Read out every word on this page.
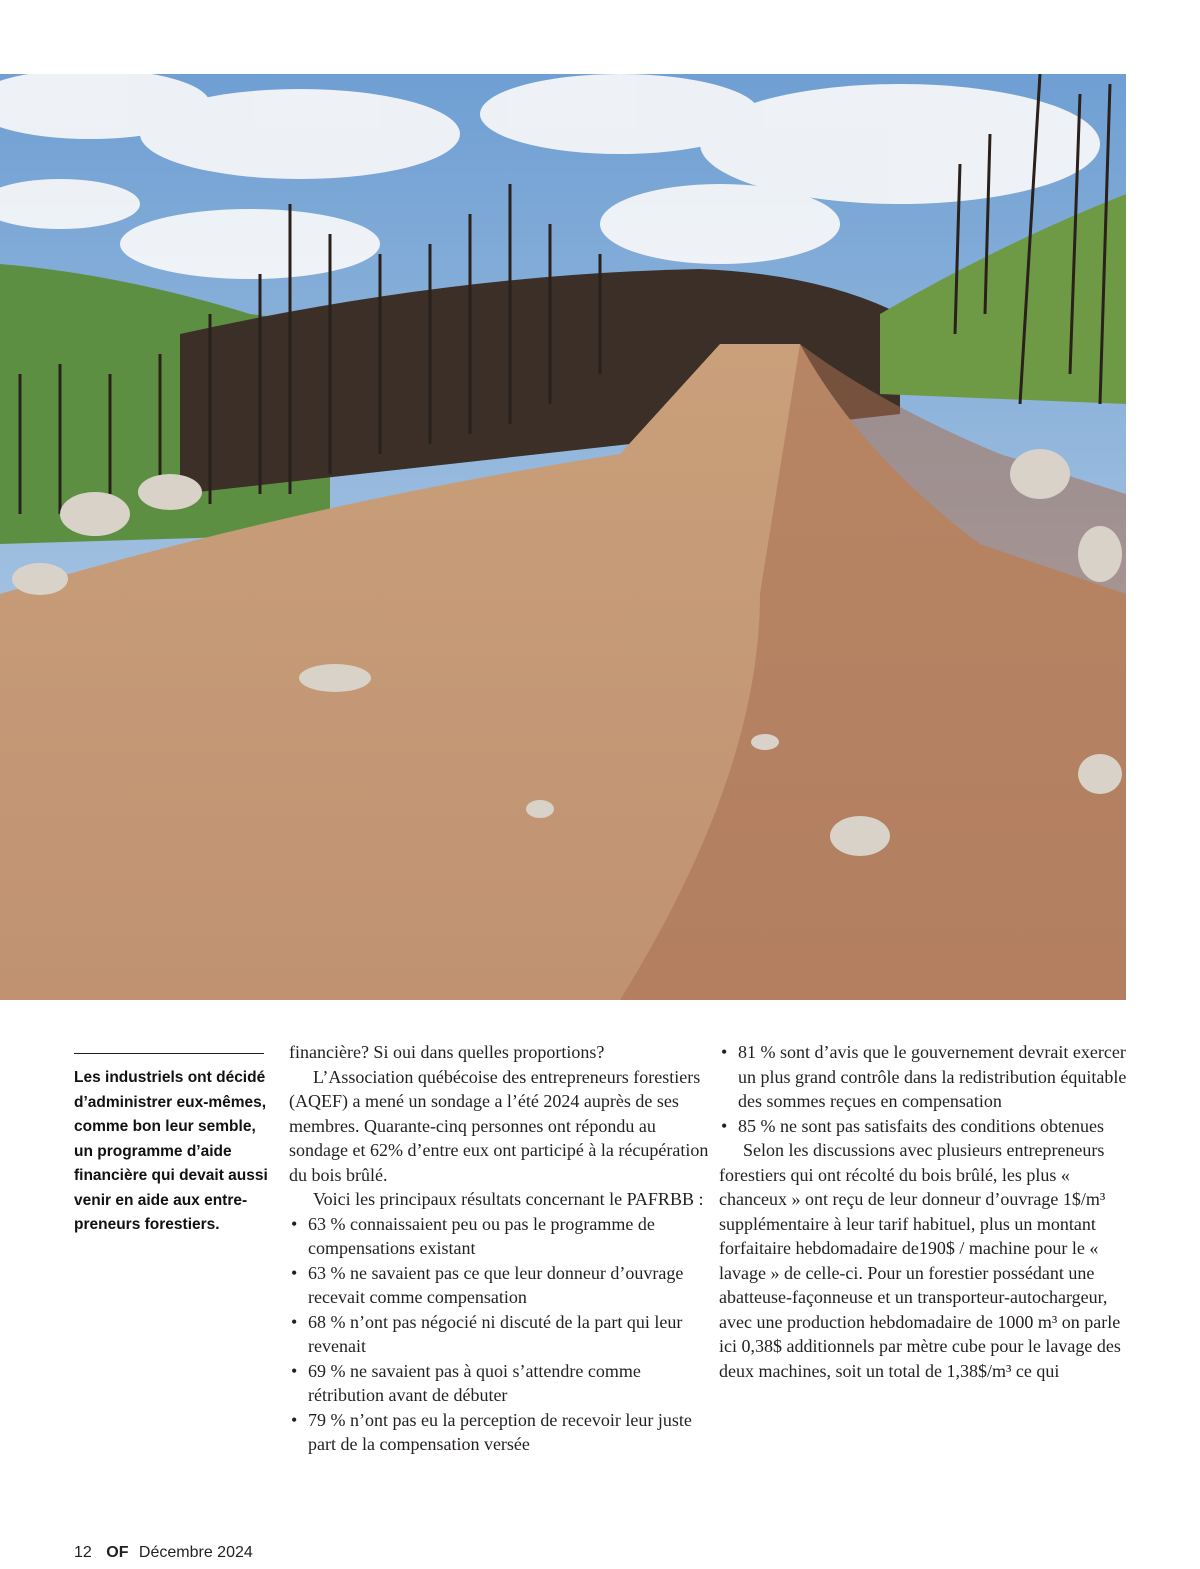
Les industriels ont décidé d’administrer eux-mêmes, comme bon leur semble, un programme d’aide financière qui devait aussi venir en aide aux entre-preneurs forestiers.

financière? Si oui dans quelles proportions?

L’Association québécoise des entrepreneurs forestiers (AQEF) a mené un sondage a l’été 2024 auprès de ses membres. Quarante-cinq personnes ont répondu au sondage et 62% d’entre eux ont participé à la récupération du bois brûlé.

Voici les principaux résultats concernant le PAFRBB :

• 63 % connaissaient peu ou pas le programme de compensations existant
• 63 % ne savaient pas ce que leur donneur d’ouvrage recevait comme compensation
• 68 % n’ont pas négocié ni discuté de la part qui leur revenait
• 69 % ne savaient pas à quoi s’attendre comme rétribution avant de débuter
• 79 % n’ont pas eu la perception de recevoir leur juste part de la compensation versée
• 81 % sont d’avis que le gouvernement devrait exercer un plus grand contrôle dans la redistribution équitable des sommes reçues en compensation
• 85 % ne sont pas satisfaits des conditions obtenues

Selon les discussions avec plusieurs entrepreneurs forestiers qui ont récolté du bois brûlé, les plus « chanceux » ont reçu de leur donneur d’ouvrage 1$/m³ supplémentaire à leur tarif habituel, plus un montant forfaitaire hebdomadaire de190$ / machine pour le « lavage » de celle-ci. Pour un forestier possédant une abatteuse-façonneuse et un transporteur-autochargeur, avec une production hebdomadaire de 1000 m³ on parle ici 0,38$ additionnels par mètre cube pour le lavage des deux machines, soit un total de 1,38$/m³ ce qui

12 OF Décembre 2024
